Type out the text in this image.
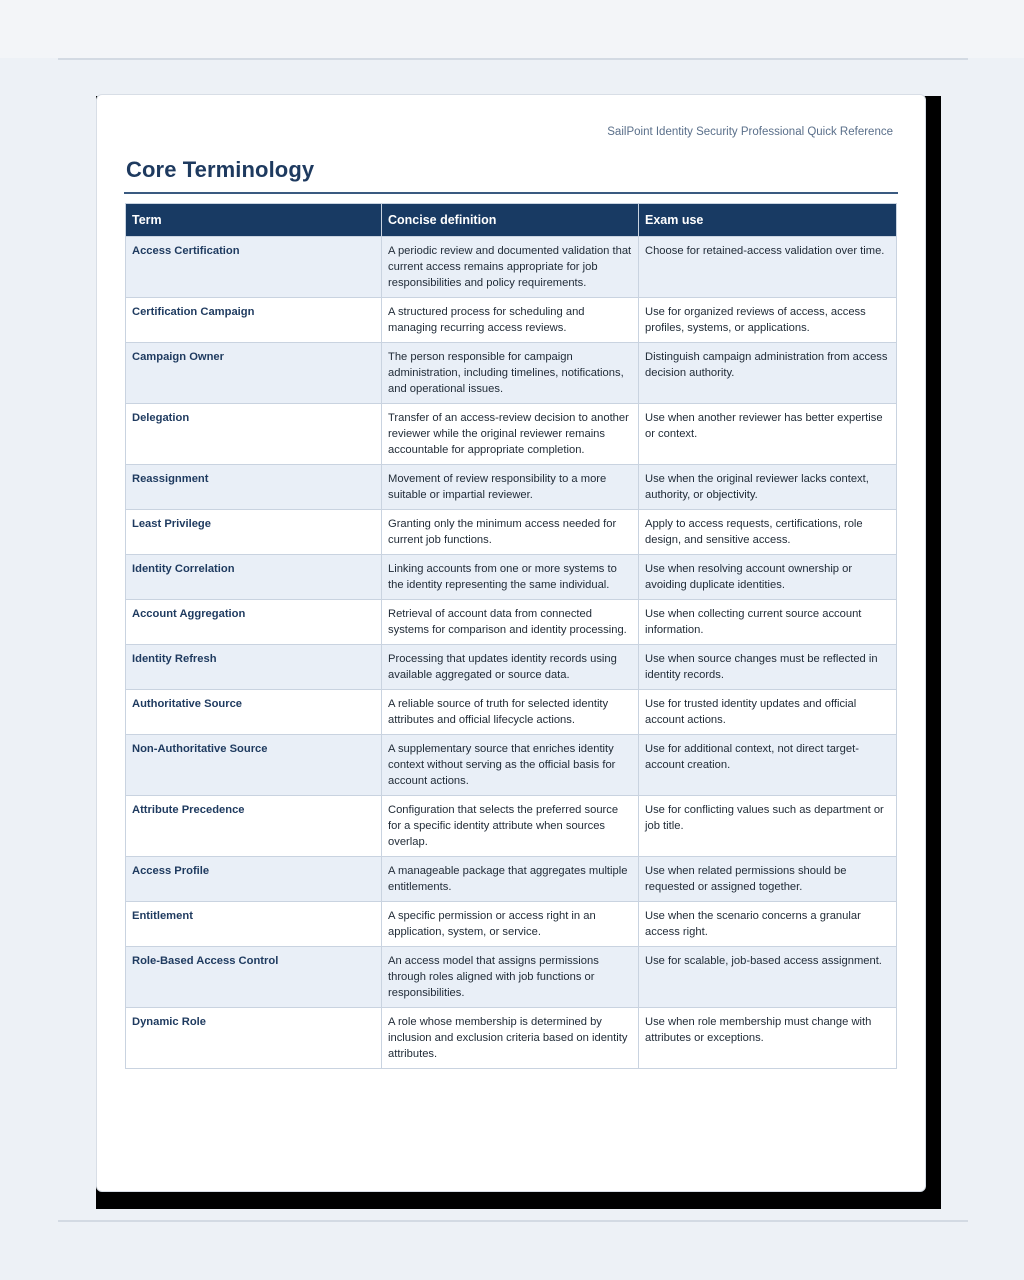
SailPoint Identity Security Professional Quick Reference
Core Terminology
Term	Concise definition	Exam use
Access Certification	A periodic review and documented validation that current access remains appropriate for job responsibilities and policy requirements.	Choose for retained-access validation over time.
Certification Campaign	A structured process for scheduling and managing recurring access reviews.	Use for organized reviews of access, access profiles, systems, or applications.
Campaign Owner	The person responsible for campaign administration, including timelines, notifications, and operational issues.	Distinguish campaign administration from access decision authority.
Delegation	Transfer of an access-review decision to another reviewer while the original reviewer remains accountable for appropriate completion.	Use when another reviewer has better expertise or context.
Reassignment	Movement of review responsibility to a more suitable or impartial reviewer.	Use when the original reviewer lacks context, authority, or objectivity.
Least Privilege	Granting only the minimum access needed for current job functions.	Apply to access requests, certifications, role design, and sensitive access.
Identity Correlation	Linking accounts from one or more systems to the identity representing the same individual.	Use when resolving account ownership or avoiding duplicate identities.
Account Aggregation	Retrieval of account data from connected systems for comparison and identity processing.	Use when collecting current source account information.
Identity Refresh	Processing that updates identity records using available aggregated or source data.	Use when source changes must be reflected in identity records.
Authoritative Source	A reliable source of truth for selected identity attributes and official lifecycle actions.	Use for trusted identity updates and official account actions.
Non-Authoritative Source	A supplementary source that enriches identity context without serving as the official basis for account actions.	Use for additional context, not direct target-account creation.
Attribute Precedence	Configuration that selects the preferred source for a specific identity attribute when sources overlap.	Use for conflicting values such as department or job title.
Access Profile	A manageable package that aggregates multiple entitlements.	Use when related permissions should be requested or assigned together.
Entitlement	A specific permission or access right in an application, system, or service.	Use when the scenario concerns a granular access right.
Role-Based Access Control	An access model that assigns permissions through roles aligned with job functions or responsibilities.	Use for scalable, job-based access assignment.
Dynamic Role	A role whose membership is determined by inclusion and exclusion criteria based on identity attributes.	Use when role membership must change with attributes or exceptions.
